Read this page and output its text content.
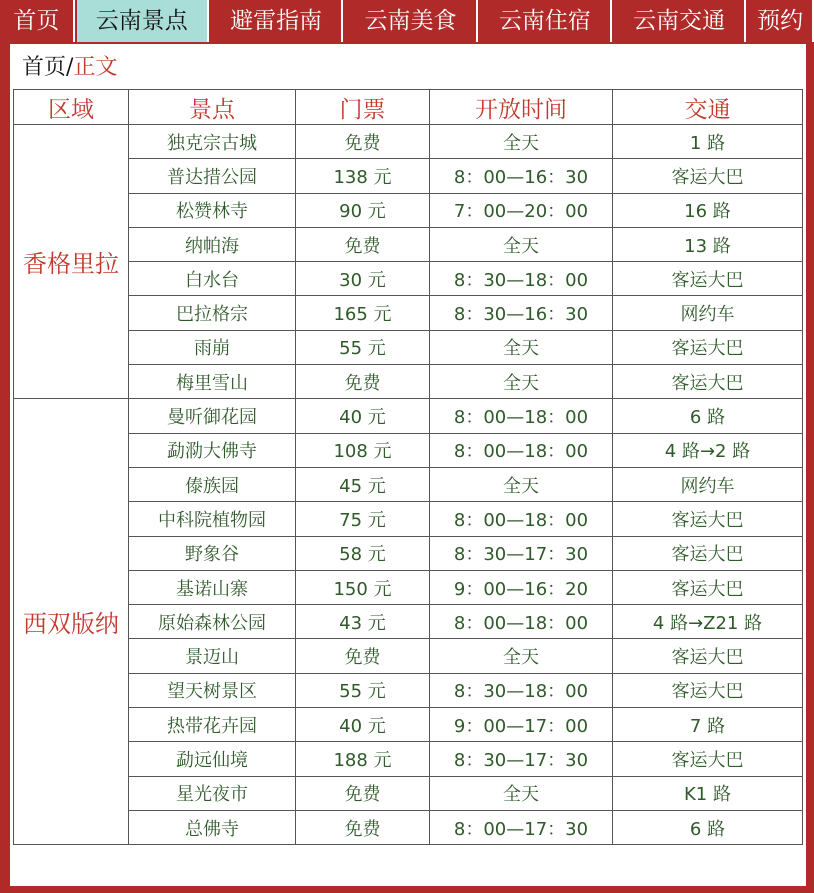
首页	云南景点	避雷指南	云南美食	云南住宿	云南交通	预约
首页/正文
区域	景点	门票	开放时间	交通
香格里拉	独克宗古城	免费	全天	1 路
	普达措公园	138 元	8：00—16：30	客运大巴
	松赞林寺	90 元	7：00—20：00	16 路
	纳帕海	免费	全天	13 路
	白水台	30 元	8：30—18：00	客运大巴
	巴拉格宗	165 元	8：30—16：30	网约车
	雨崩	55 元	全天	客运大巴
	梅里雪山	免费	全天	客运大巴
西双版纳	曼听御花园	40 元	8：00—18：00	6 路
	勐泐大佛寺	108 元	8：00—18：00	4 路→2 路
	傣族园	45 元	全天	网约车
	中科院植物园	75 元	8：00—18：00	客运大巴
	野象谷	58 元	8：30—17：30	客运大巴
	基诺山寨	150 元	9：00—16：20	客运大巴
	原始森林公园	43 元	8：00—18：00	4 路→Z21 路
	景迈山	免费	全天	客运大巴
	望天树景区	55 元	8：30—18：00	客运大巴
	热带花卉园	40 元	9：00—17：00	7 路
	勐远仙境	188 元	8：30—17：30	客运大巴
	星光夜市	免费	全天	K1 路
	总佛寺	免费	8：00—17：30	6 路
